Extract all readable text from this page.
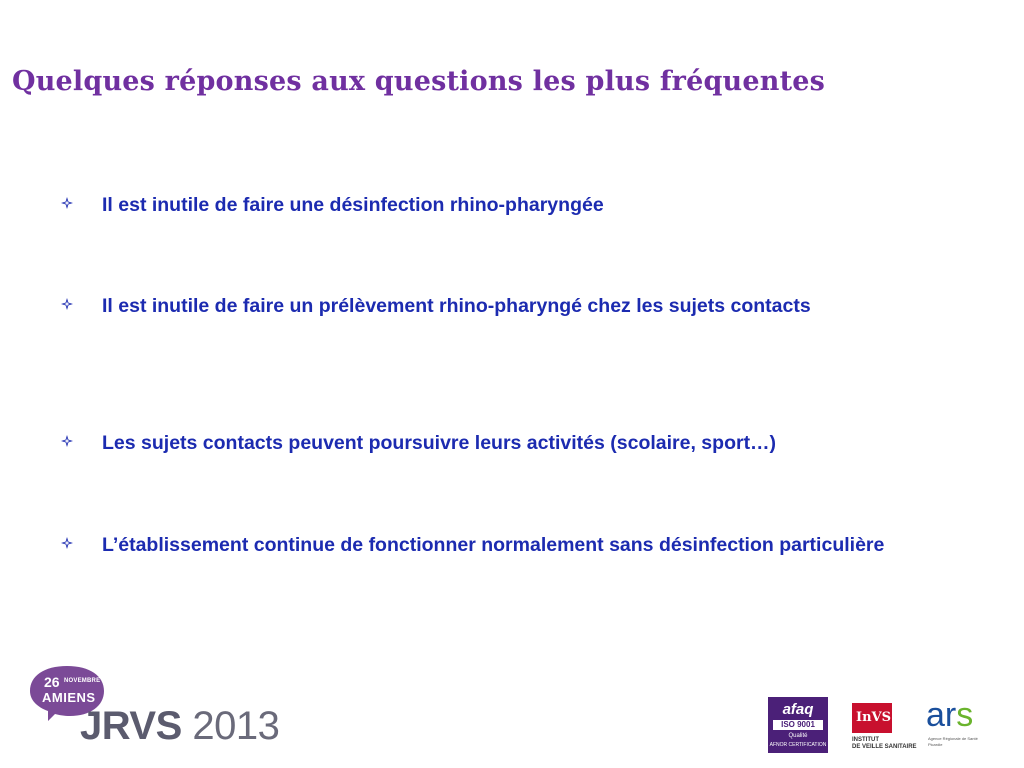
Quelques réponses aux questions les plus fréquentes
Il est inutile de faire une désinfection rhino-pharyngée
Il est inutile de faire un prélèvement rhino-pharyngé chez les sujets contacts
Les sujets contacts peuvent poursuivre leurs activités (scolaire, sport…)
L’établissement continue de fonctionner normalement sans désinfection particulière
26 NOVEMBRE
AMIENS
JRVS 2013	afaq
ISO 9001
Qualité
AFNOR CERTIFICATION
InVS
INSTITUT
DE VEILLE SANITAIRE
ars
Agence Régionale de Santé
Picardie
